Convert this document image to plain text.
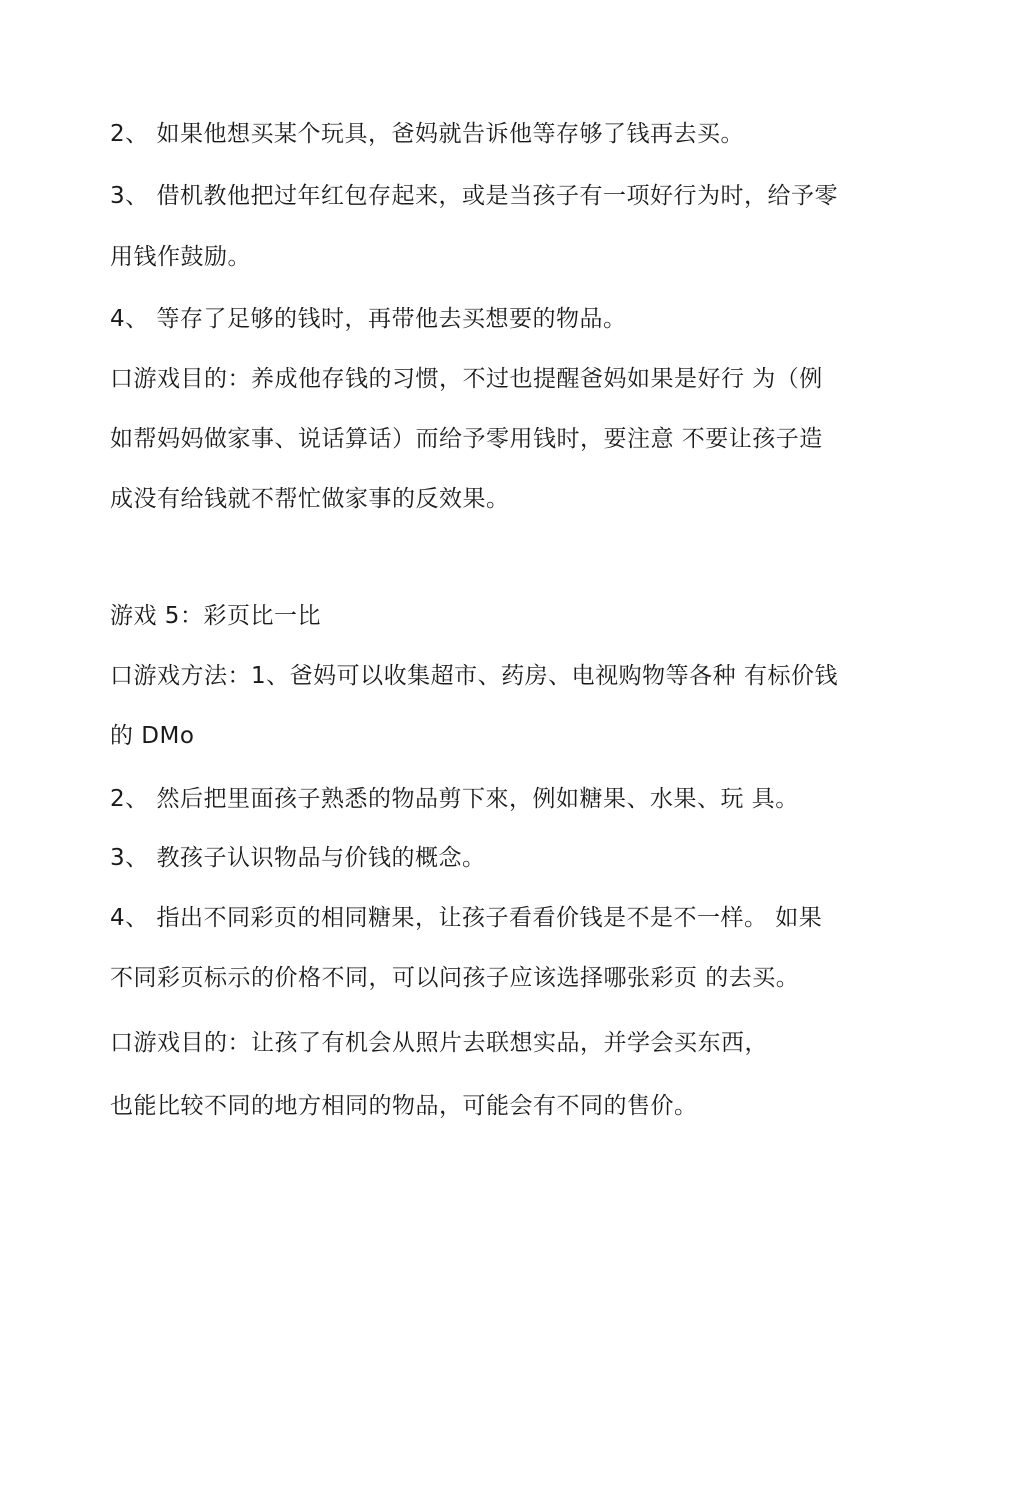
2、 如果他想买某个玩具，爸妈就告诉他等存够了钱再去买。
3、 借机教他把过年红包存起来，或是当孩子有一项好行为时，给予零
用钱作鼓励。
4、 等存了足够的钱时，再带他去买想要的物品。
口游戏目的：养成他存钱的习惯，不过也提醒爸妈如果是好行 为（例
如帮妈妈做家事、说话算话）而给予零用钱时，要注意 不要让孩子造
成没有给钱就不帮忙做家事的反效果。
游戏 5：彩页比一比
口游戏方法：1、爸妈可以收集超市、药房、电视购物等各种 有标价钱
的 DMo
2、 然后把里面孩子熟悉的物品剪下來，例如糖果、水果、玩 具。
3、 教孩子认识物品与价钱的概念。
4、 指出不同彩页的相同糖果，让孩子看看价钱是不是不一样。 如果
不同彩页标示的价格不同，可以问孩子应该选择哪张彩页 的去买。
口游戏目的：让孩了有机会从照片去联想实品，并学会买东西，
也能比较不同的地方相同的物品，可能会有不同的售价。
